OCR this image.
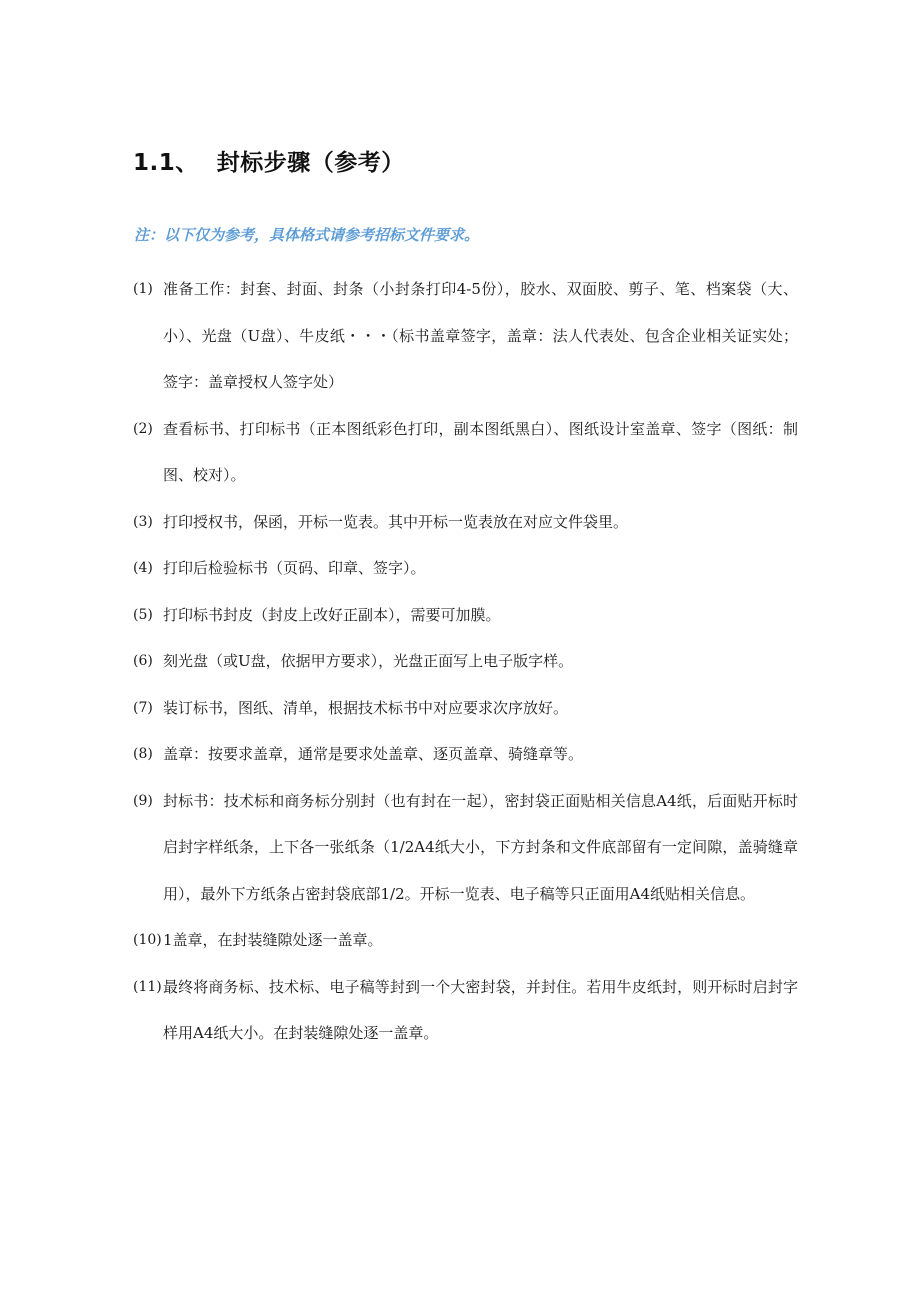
1.1、 封标步骤（参考）
注：以下仅为参考，具体格式请参考招标文件要求。
(1) 准备工作：封套、封面、封条（小封条打印4-5份），胶水、双面胶、剪子、笔、档案袋（大、小）、光盘（U盘）、牛皮纸・・・（标书盖章签字，盖章：法人代表处、包含企业相关证实处；签字：盖章授权人签字处）
(2) 查看标书、打印标书（正本图纸彩色打印，副本图纸黑白）、图纸设计室盖章、签字（图纸：制图、校对）。
(3) 打印授权书，保函，开标一览表。其中开标一览表放在对应文件袋里。
(4) 打印后检验标书（页码、印章、签字）。
(5) 打印标书封皮（封皮上改好正副本），需要可加膜。
(6) 刻光盘（或U盘，依据甲方要求），光盘正面写上电子版字样。
(7) 装订标书，图纸、清单，根据技术标书中对应要求次序放好。
(8) 盖章：按要求盖章，通常是要求处盖章、逐页盖章、骑缝章等。
(9) 封标书：技术标和商务标分别封（也有封在一起），密封袋正面贴相关信息A4纸，后面贴开标时启封字样纸条，上下各一张纸条（1/2A4纸大小，下方封条和文件底部留有一定间隙，盖骑缝章用），最外下方纸条占密封袋底部1/2。开标一览表、电子稿等只正面用A4纸贴相关信息。
(10) 1盖章，在封装缝隙处逐一盖章。
(11) 最终将商务标、技术标、电子稿等封到一个大密封袋，并封住。若用牛皮纸封，则开标时启封字样用A4纸大小。在封装缝隙处逐一盖章。
